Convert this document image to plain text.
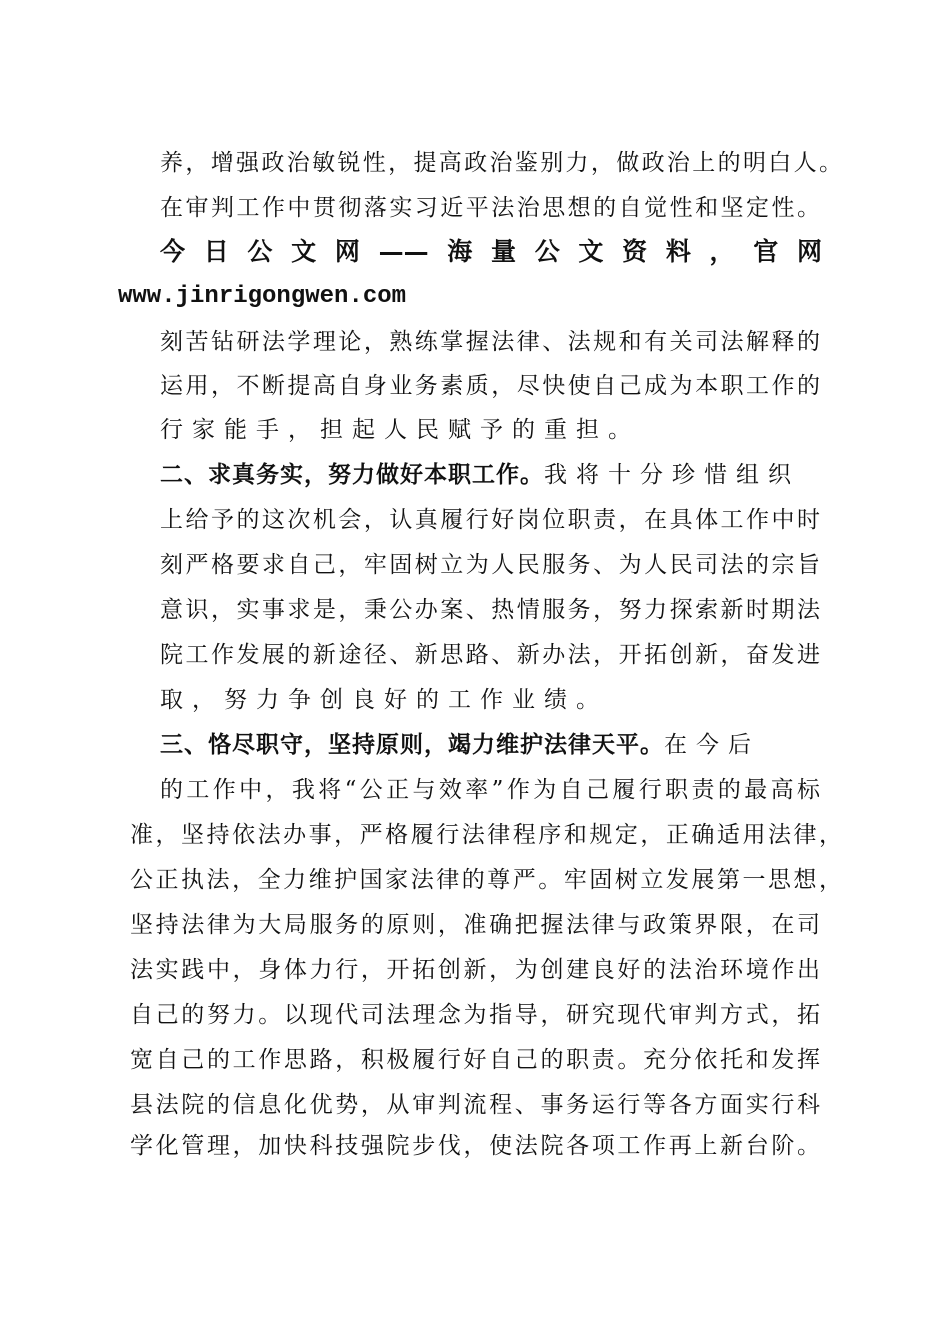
养，增强政治敏锐性，提高政治鉴别力，做政治上的明白人。
在审判工作中贯彻落实习近平法治思想的自觉性和坚定性。
今日公文网——海量公文资料，官网
www.jinrigongwen.com
刻苦钻研法学理论，熟练掌握法律、法规和有关司法解释的
运用，不断提高自身业务素质，尽快使自己成为本职工作的
行家能手，担起人民赋予的重担。
二、求真务实，努力做好本职工作。我将十分珍惜组织
上给予的这次机会，认真履行好岗位职责，在具体工作中时
刻严格要求自己，牢固树立为人民服务、为人民司法的宗旨
意识，实事求是，秉公办案、热情服务，努力探索新时期法
院工作发展的新途径、新思路、新办法，开拓创新，奋发进
取，努力争创良好的工作业绩。
三、恪尽职守，坚持原则，竭力维护法律天平。在今后
的工作中，我将“公正与效率”作为自己履行职责的最高标
准，坚持依法办事，严格履行法律程序和规定，正确适用法律，
公正执法，全力维护国家法律的尊严。牢固树立发展第一思想，
坚持法律为大局服务的原则，准确把握法律与政策界限，在司
法实践中，身体力行，开拓创新，为创建良好的法治环境作出
自己的努力。以现代司法理念为指导，研究现代审判方式，拓
宽自己的工作思路，积极履行好自己的职责。充分依托和发挥
县法院的信息化优势，从审判流程、事务运行等各方面实行科
学化管理，加快科技强院步伐，使法院各项工作再上新台阶。
